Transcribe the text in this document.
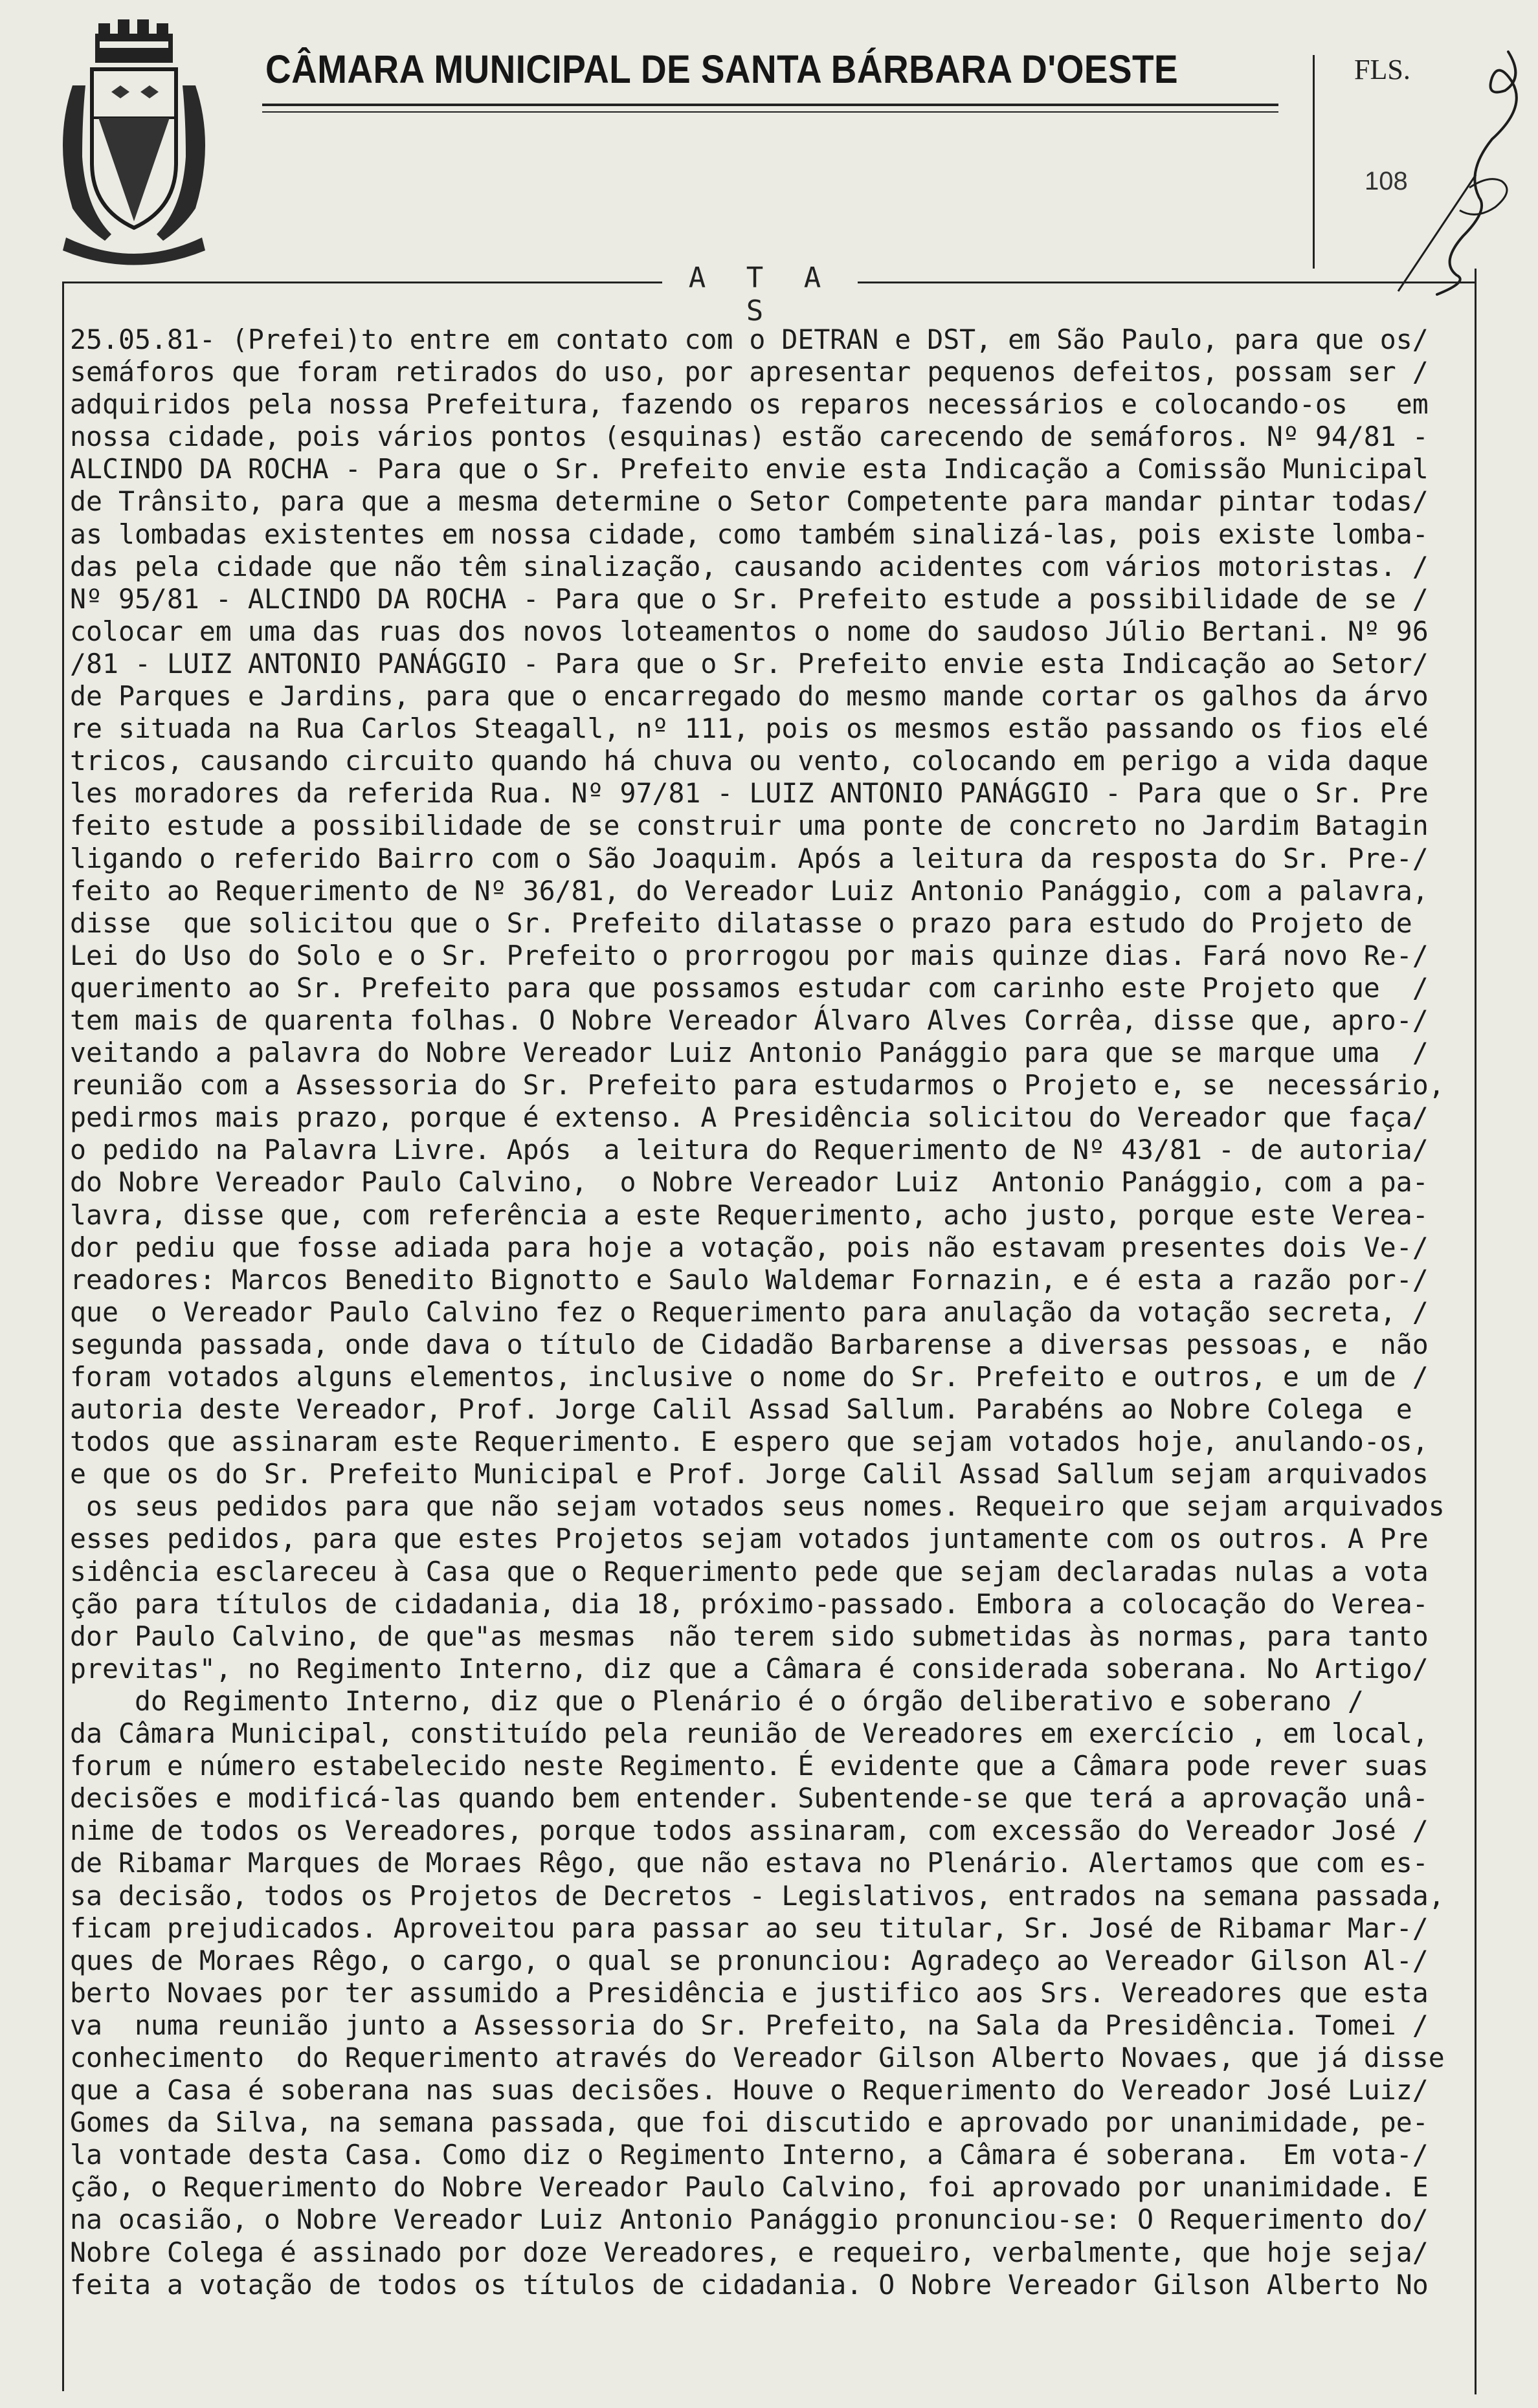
CÂMARA MUNICIPAL DE SANTA BÁRBARA D'OESTE	FLS.
108
A T A S
25.05.81- (Prefei)to entre em contato com o DETRAN e DST, em São Paulo, para que os/
semáforos que foram retirados do uso, por apresentar pequenos defeitos, possam ser /
adquiridos pela nossa Prefeitura, fazendo os reparos necessários e colocando-os   em
nossa cidade, pois vários pontos (esquinas) estão carecendo de semáforos. Nº 94/81 -
ALCINDO DA ROCHA - Para que o Sr. Prefeito envie esta Indicação a Comissão Municipal
de Trânsito, para que a mesma determine o Setor Competente para mandar pintar todas/
as lombadas existentes em nossa cidade, como também sinalizá-las, pois existe lomba-
das pela cidade que não têm sinalização, causando acidentes com vários motoristas. /
Nº 95/81 - ALCINDO DA ROCHA - Para que o Sr. Prefeito estude a possibilidade de se /
colocar em uma das ruas dos novos loteamentos o nome do saudoso Júlio Bertani. Nº 96
/81 - LUIZ ANTONIO PANÁGGIO - Para que o Sr. Prefeito envie esta Indicação ao Setor/
de Parques e Jardins, para que o encarregado do mesmo mande cortar os galhos da árvo
re situada na Rua Carlos Steagall, nº 111, pois os mesmos estão passando os fios elé
tricos, causando circuito quando há chuva ou vento, colocando em perigo a vida daque
les moradores da referida Rua. Nº 97/81 - LUIZ ANTONIO PANÁGGIO - Para que o Sr. Pre
feito estude a possibilidade de se construir uma ponte de concreto no Jardim Batagin
ligando o referido Bairro com o São Joaquim. Após a leitura da resposta do Sr. Pre-/
feito ao Requerimento de Nº 36/81, do Vereador Luiz Antonio Panággio, com a palavra,
disse  que solicitou que o Sr. Prefeito dilatasse o prazo para estudo do Projeto de
Lei do Uso do Solo e o Sr. Prefeito o prorrogou por mais quinze dias. Fará novo Re-/
querimento ao Sr. Prefeito para que possamos estudar com carinho este Projeto que  /
tem mais de quarenta folhas. O Nobre Vereador Álvaro Alves Corrêa, disse que, apro-/
veitando a palavra do Nobre Vereador Luiz Antonio Panággio para que se marque uma  /
reunião com a Assessoria do Sr. Prefeito para estudarmos o Projeto e, se  necessário,
pedirmos mais prazo, porque é extenso. A Presidência solicitou do Vereador que faça/
o pedido na Palavra Livre. Após  a leitura do Requerimento de Nº 43/81 - de autoria/
do Nobre Vereador Paulo Calvino,  o Nobre Vereador Luiz  Antonio Panággio, com a pa-
lavra, disse que, com referência a este Requerimento, acho justo, porque este Verea-
dor pediu que fosse adiada para hoje a votação, pois não estavam presentes dois Ve-/
readores: Marcos Benedito Bignotto e Saulo Waldemar Fornazin, e é esta a razão por-/
que  o Vereador Paulo Calvino fez o Requerimento para anulação da votação secreta, /
segunda passada, onde dava o título de Cidadão Barbarense a diversas pessoas, e  não
foram votados alguns elementos, inclusive o nome do Sr. Prefeito e outros, e um de /
autoria deste Vereador, Prof. Jorge Calil Assad Sallum. Parabéns ao Nobre Colega  e
todos que assinaram este Requerimento. E espero que sejam votados hoje, anulando-os,
e que os do Sr. Prefeito Municipal e Prof. Jorge Calil Assad Sallum sejam arquivados
os seus pedidos para que não sejam votados seus nomes. Requeiro que sejam arquivados
esses pedidos, para que estes Projetos sejam votados juntamente com os outros. A Pre
sidência esclareceu à Casa que o Requerimento pede que sejam declaradas nulas a vota
ção para títulos de cidadania, dia 18, próximo-passado. Embora a colocação do Verea-
dor Paulo Calvino, de que"as mesmas  não terem sido submetidas às normas, para tanto
previtas", no Regimento Interno, diz que a Câmara é considerada soberana. No Artigo/
do Regimento Interno, diz que o Plenário é o órgão deliberativo e soberano /
da Câmara Municipal, constituído pela reunião de Vereadores em exercício , em local,
forum e número estabelecido neste Regimento. É evidente que a Câmara pode rever suas
decisões e modificá-las quando bem entender. Subentende-se que terá a aprovação unâ-
nime de todos os Vereadores, porque todos assinaram, com excessão do Vereador José /
de Ribamar Marques de Moraes Rêgo, que não estava no Plenário. Alertamos que com es-
sa decisão, todos os Projetos de Decretos - Legislativos, entrados na semana passada,
ficam prejudicados. Aproveitou para passar ao seu titular, Sr. José de Ribamar Mar-/
ques de Moraes Rêgo, o cargo, o qual se pronunciou: Agradeço ao Vereador Gilson Al-/
berto Novaes por ter assumido a Presidência e justifico aos Srs. Vereadores que esta
va  numa reunião junto a Assessoria do Sr. Prefeito, na Sala da Presidência. Tomei /
conhecimento  do Requerimento através do Vereador Gilson Alberto Novaes, que já disse
que a Casa é soberana nas suas decisões. Houve o Requerimento do Vereador José Luiz/
Gomes da Silva, na semana passada, que foi discutido e aprovado por unanimidade, pe-
la vontade desta Casa. Como diz o Regimento Interno, a Câmara é soberana.  Em vota-/
ção, o Requerimento do Nobre Vereador Paulo Calvino, foi aprovado por unanimidade. E
na ocasião, o Nobre Vereador Luiz Antonio Panággio pronunciou-se: O Requerimento do/
Nobre Colega é assinado por doze Vereadores, e requeiro, verbalmente, que hoje seja/
feita a votação de todos os títulos de cidadania. O Nobre Vereador Gilson Alberto No
